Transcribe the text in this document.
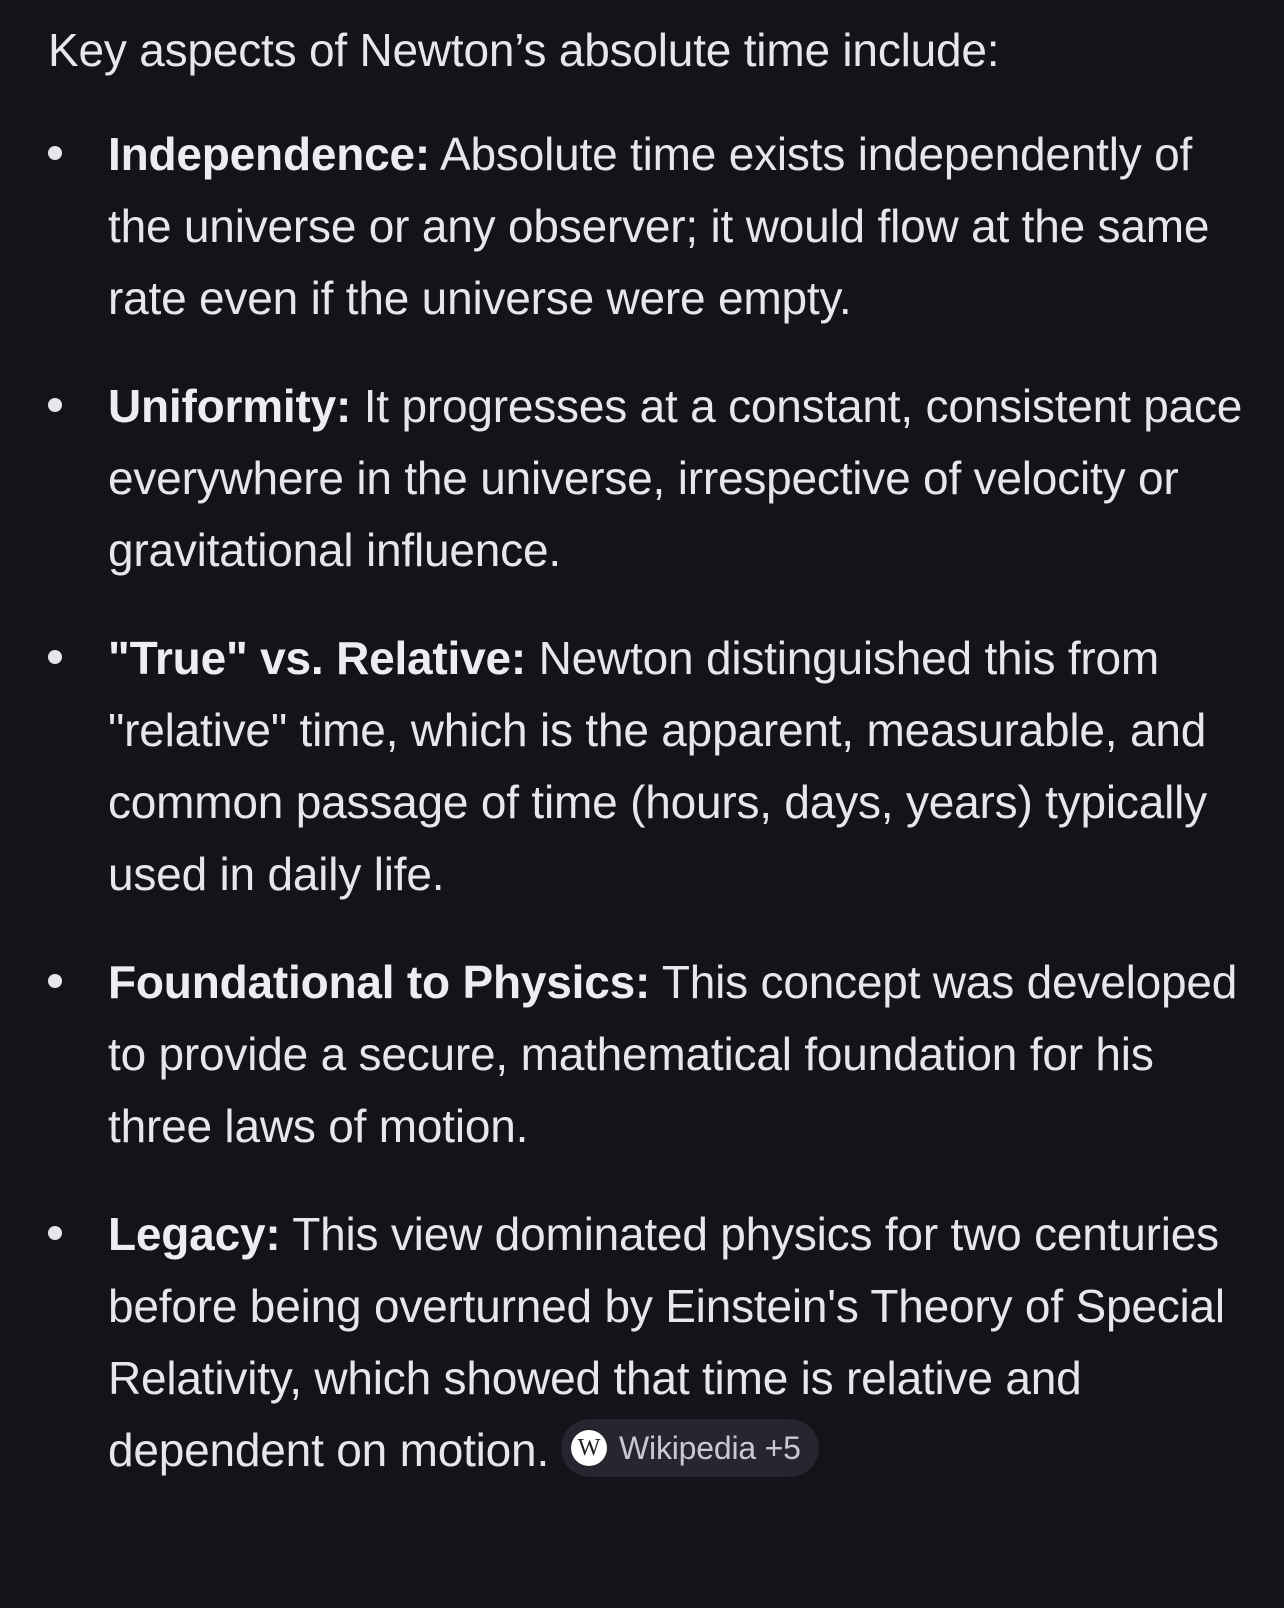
Key aspects of Newton’s absolute time include:

Independence: Absolute time exists independently of the universe or any observer; it would flow at the same rate even if the universe were empty.
Uniformity: It progresses at a constant, consistent pace everywhere in the universe, irrespective of velocity or gravitational influence.
"True" vs. Relative: Newton distinguished this from "relative" time, which is the apparent, measurable, and common passage of time (hours, days, years) typically used in daily life.
Foundational to Physics: This concept was developed to provide a secure, mathematical foundation for his three laws of motion.
Legacy: This view dominated physics for two centuries before being overturned by Einstein's Theory of Special Relativity, which showed that time is relative and dependent on motion. W Wikipedia +5
